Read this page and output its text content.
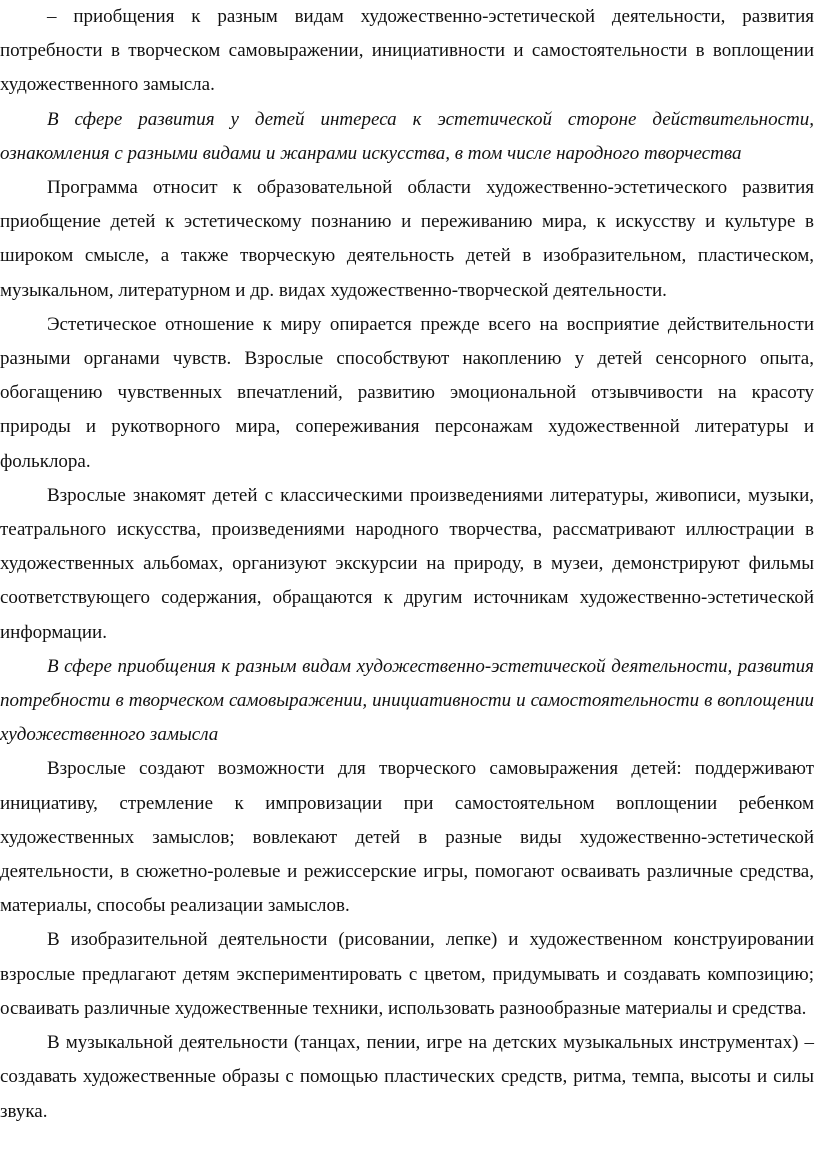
– приобщения к разным видам художественно-эстетической деятельности, развития потребности в творческом самовыражении, инициативности и самостоятельности в воплощении художественного замысла.

В сфере развития у детей интереса к эстетической стороне действительности, ознакомления с разными видами и жанрами искусства, в том числе народного творчества

Программа относит к образовательной области художественно-эстетического развития приобщение детей к эстетическому познанию и переживанию мира, к искусству и культуре в широком смысле, а также творческую деятельность детей в изобразительном, пластическом, музыкальном, литературном и др. видах художественно-творческой деятельности.

Эстетическое отношение к миру опирается прежде всего на восприятие действительности разными органами чувств. Взрослые способствуют накоплению у детей сенсорного опыта, обогащению чувственных впечатлений, развитию эмоциональной отзывчивости на красоту природы и рукотворного мира, сопереживания персонажам художественной литературы и фольклора.

Взрослые знакомят детей с классическими произведениями литературы, живописи, музыки, театрального искусства, произведениями народного творчества, рассматривают иллюстрации в художественных альбомах, организуют экскурсии на природу, в музеи, демонстрируют фильмы соответствующего содержания, обращаются к другим источникам художественно-эстетической информации.

В сфере приобщения к разным видам художественно-эстетической деятельности, развития потребности в творческом самовыражении, инициативности и самостоятельности в воплощении художественного замысла

Взрослые создают возможности для творческого самовыражения детей: поддерживают инициативу, стремление к импровизации при самостоятельном воплощении ребенком художественных замыслов; вовлекают детей в разные виды художественно-эстетической деятельности, в сюжетно-ролевые и режиссерские игры, помогают осваивать различные средства, материалы, способы реализации замыслов.

В изобразительной деятельности (рисовании, лепке) и художественном конструировании взрослые предлагают детям экспериментировать с цветом, придумывать и создавать композицию; осваивать различные художественные техники, использовать разнообразные материалы и средства.

В музыкальной деятельности (танцах, пении, игре на детских музыкальных инструментах) – создавать художественные образы с помощью пластических средств, ритма, темпа, высоты и силы звука.
